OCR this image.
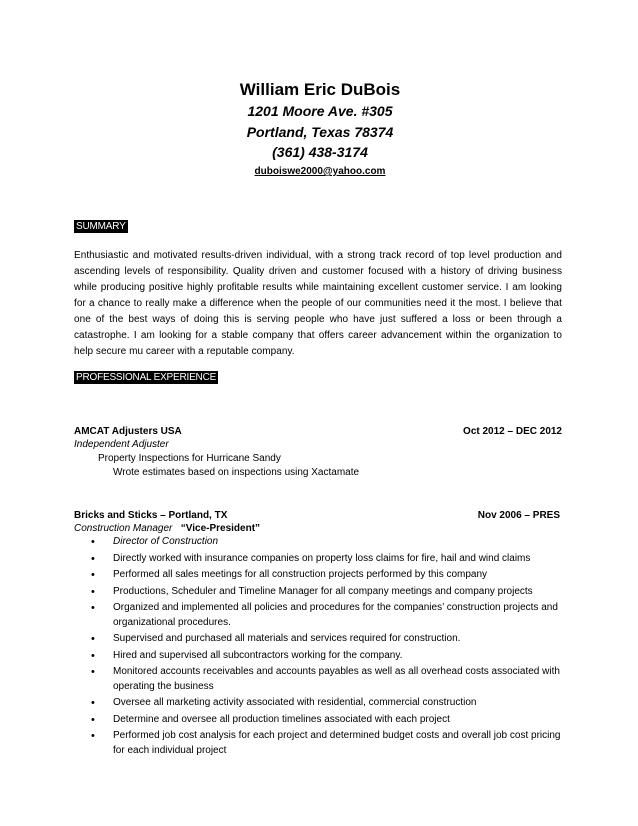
William Eric DuBois
1201 Moore Ave. #305
Portland, Texas 78374
(361) 438-3174
duboiswe2000@yahoo.com
SUMMARY
Enthusiastic and motivated results-driven individual, with a strong track record of top level production and ascending levels of responsibility. Quality driven and customer focused with a history of driving business while producing positive highly profitable results while maintaining excellent customer service. I am looking for a chance to really make a difference when the people of our communities need it the most. I believe that one of the best ways of doing this is serving people who have just suffered a loss or been through a catastrophe. I am looking for a stable company that offers career advancement within the organization to help secure mu career with a reputable company.
PROFESSIONAL EXPERIENCE
AMCAT Adjusters USA	Oct 2012 – DEC 2012
Independent Adjuster
Property Inspections for Hurricane Sandy
Wrote estimates based on inspections using Xactamate
Bricks and Sticks – Portland, TX	Nov 2006 – PRES
Construction Manager “Vice-President”
• Director of Construction
• Directly worked with insurance companies on property loss claims for fire, hail and wind claims
• Performed all sales meetings for all construction projects performed by this company
• Productions, Scheduler and Timeline Manager for all company meetings and company projects
• Organized and implemented all policies and procedures for the companies’ construction projects and organizational procedures.
• Supervised and purchased all materials and services required for construction.
• Hired and supervised all subcontractors working for the company.
• Monitored accounts receivables and accounts payables as well as all overhead costs associated with operating the business
• Oversee all marketing activity associated with residential, commercial construction
• Determine and oversee all production timelines associated with each project
• Performed job cost analysis for each project and determined budget costs and overall job cost pricing for each individual project
